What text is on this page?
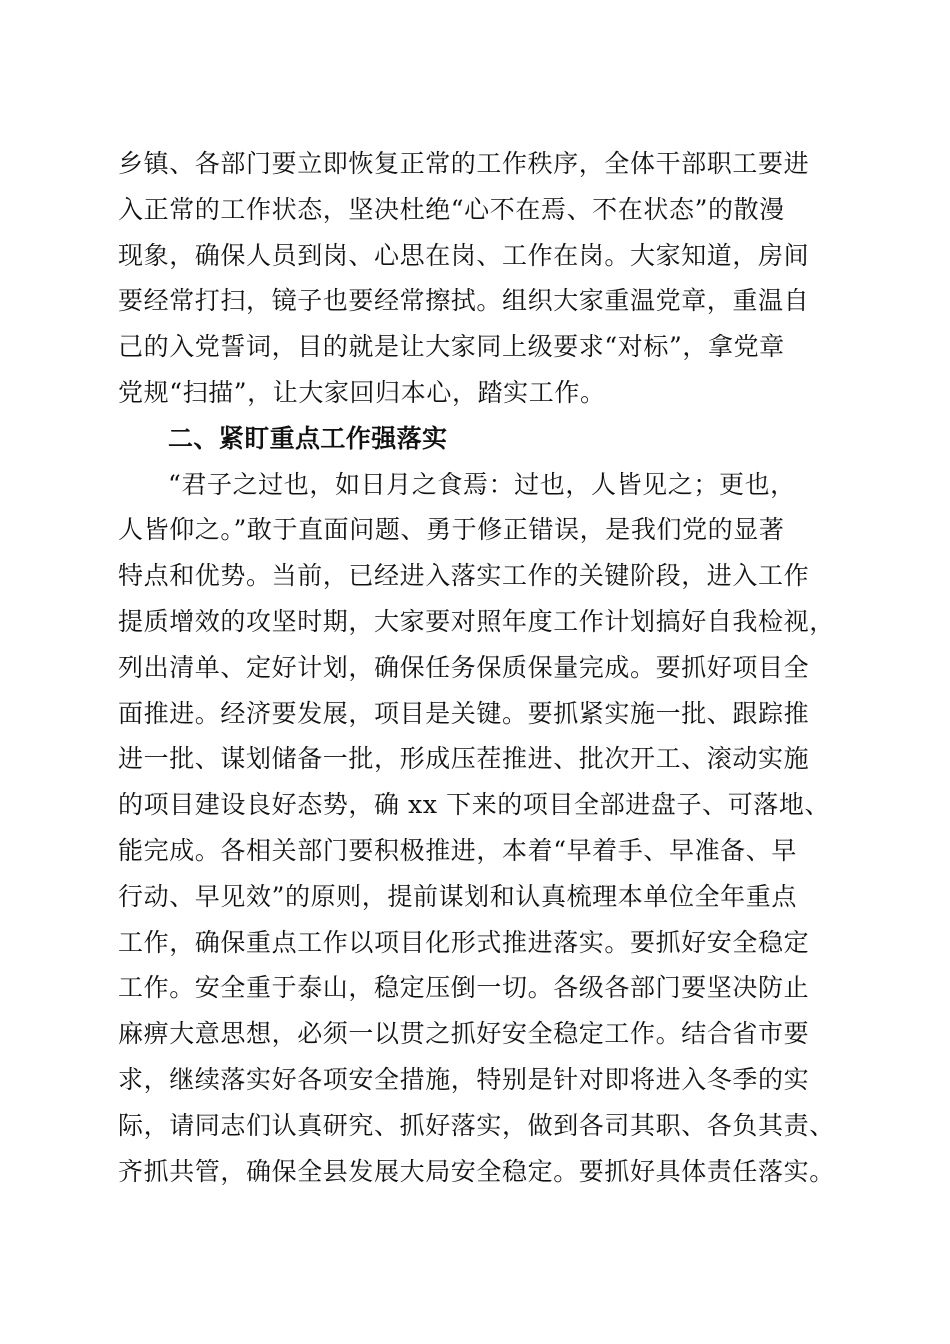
乡镇、各部门要立即恢复正常的工作秩序，全体干部职工要进
入正常的工作状态，坚决杜绝“心不在焉、不在状态”的散漫
现象，确保人员到岗、心思在岗、工作在岗。大家知道，房间
要经常打扫，镜子也要经常擦拭。组织大家重温党章，重温自
己的入党誓词，目的就是让大家同上级要求“对标”，拿党章
党规“扫描”，让大家回归本心，踏实工作。
二、紧盯重点工作强落实
“君子之过也，如日月之食焉：过也，人皆见之；更也，
人皆仰之。”敢于直面问题、勇于修正错误，是我们党的显著
特点和优势。当前，已经进入落实工作的关键阶段，进入工作
提质增效的攻坚时期，大家要对照年度工作计划搞好自我检视，
列出清单、定好计划，确保任务保质保量完成。要抓好项目全
面推进。经济要发展，项目是关键。要抓紧实施一批、跟踪推
进一批、谋划储备一批，形成压茬推进、批次开工、滚动实施
的项目建设良好态势，确 xx 下来的项目全部进盘子、可落地、
能完成。各相关部门要积极推进，本着“早着手、早准备、早
行动、早见效”的原则，提前谋划和认真梳理本单位全年重点
工作，确保重点工作以项目化形式推进落实。要抓好安全稳定
工作。安全重于泰山，稳定压倒一切。各级各部门要坚决防止
麻痹大意思想，必须一以贯之抓好安全稳定工作。结合省市要
求，继续落实好各项安全措施，特别是针对即将进入冬季的实
际，请同志们认真研究、抓好落实，做到各司其职、各负其责、
齐抓共管，确保全县发展大局安全稳定。要抓好具体责任落实。
